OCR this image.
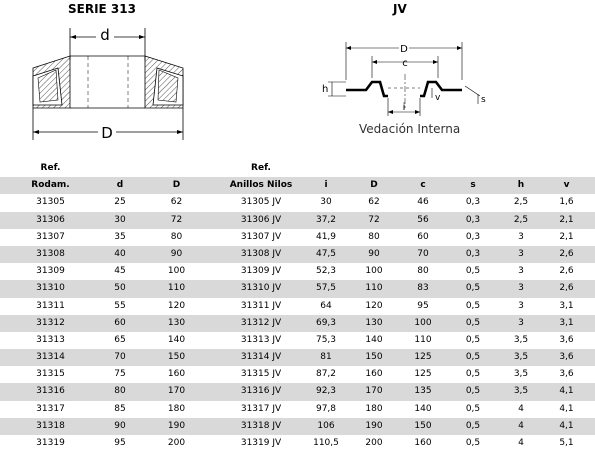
SERIE 313	JV
d
D
D
c
h
v	s
i
Vedación Interna
Ref.	Ref.
Rodam.	d	D	Anillos Nilos	i	D	c	s	h	v
31305	25	62	31305 JV	30	62	46	0,3	2,5	1,6
31306	30	72	31306 JV	37,2	72	56	0,3	2,5	2,1
31307	35	80	31307 JV	41,9	80	60	0,3	3	2,1
31308	40	90	31308 JV	47,5	90	70	0,3	3	2,6
31309	45	100	31309 JV	52,3	100	80	0,5	3	2,6
31310	50	110	31310 JV	57,5	110	83	0,5	3	2,6
31311	55	120	31311 JV	64	120	95	0,5	3	3,1
31312	60	130	31312 JV	69,3	130	100	0,5	3	3,1
31313	65	140	31313 JV	75,3	140	110	0,5	3,5	3,6
31314	70	150	31314 JV	81	150	125	0,5	3,5	3,6
31315	75	160	31315 JV	87,2	160	125	0,5	3,5	3,6
31316	80	170	31316 JV	92,3	170	135	0,5	3,5	4,1
31317	85	180	31317 JV	97,8	180	140	0,5	4	4,1
31318	90	190	31318 JV	106	190	150	0,5	4	4,1
31319	95	200	31319 JV	110,5	200	160	0,5	4	5,1
